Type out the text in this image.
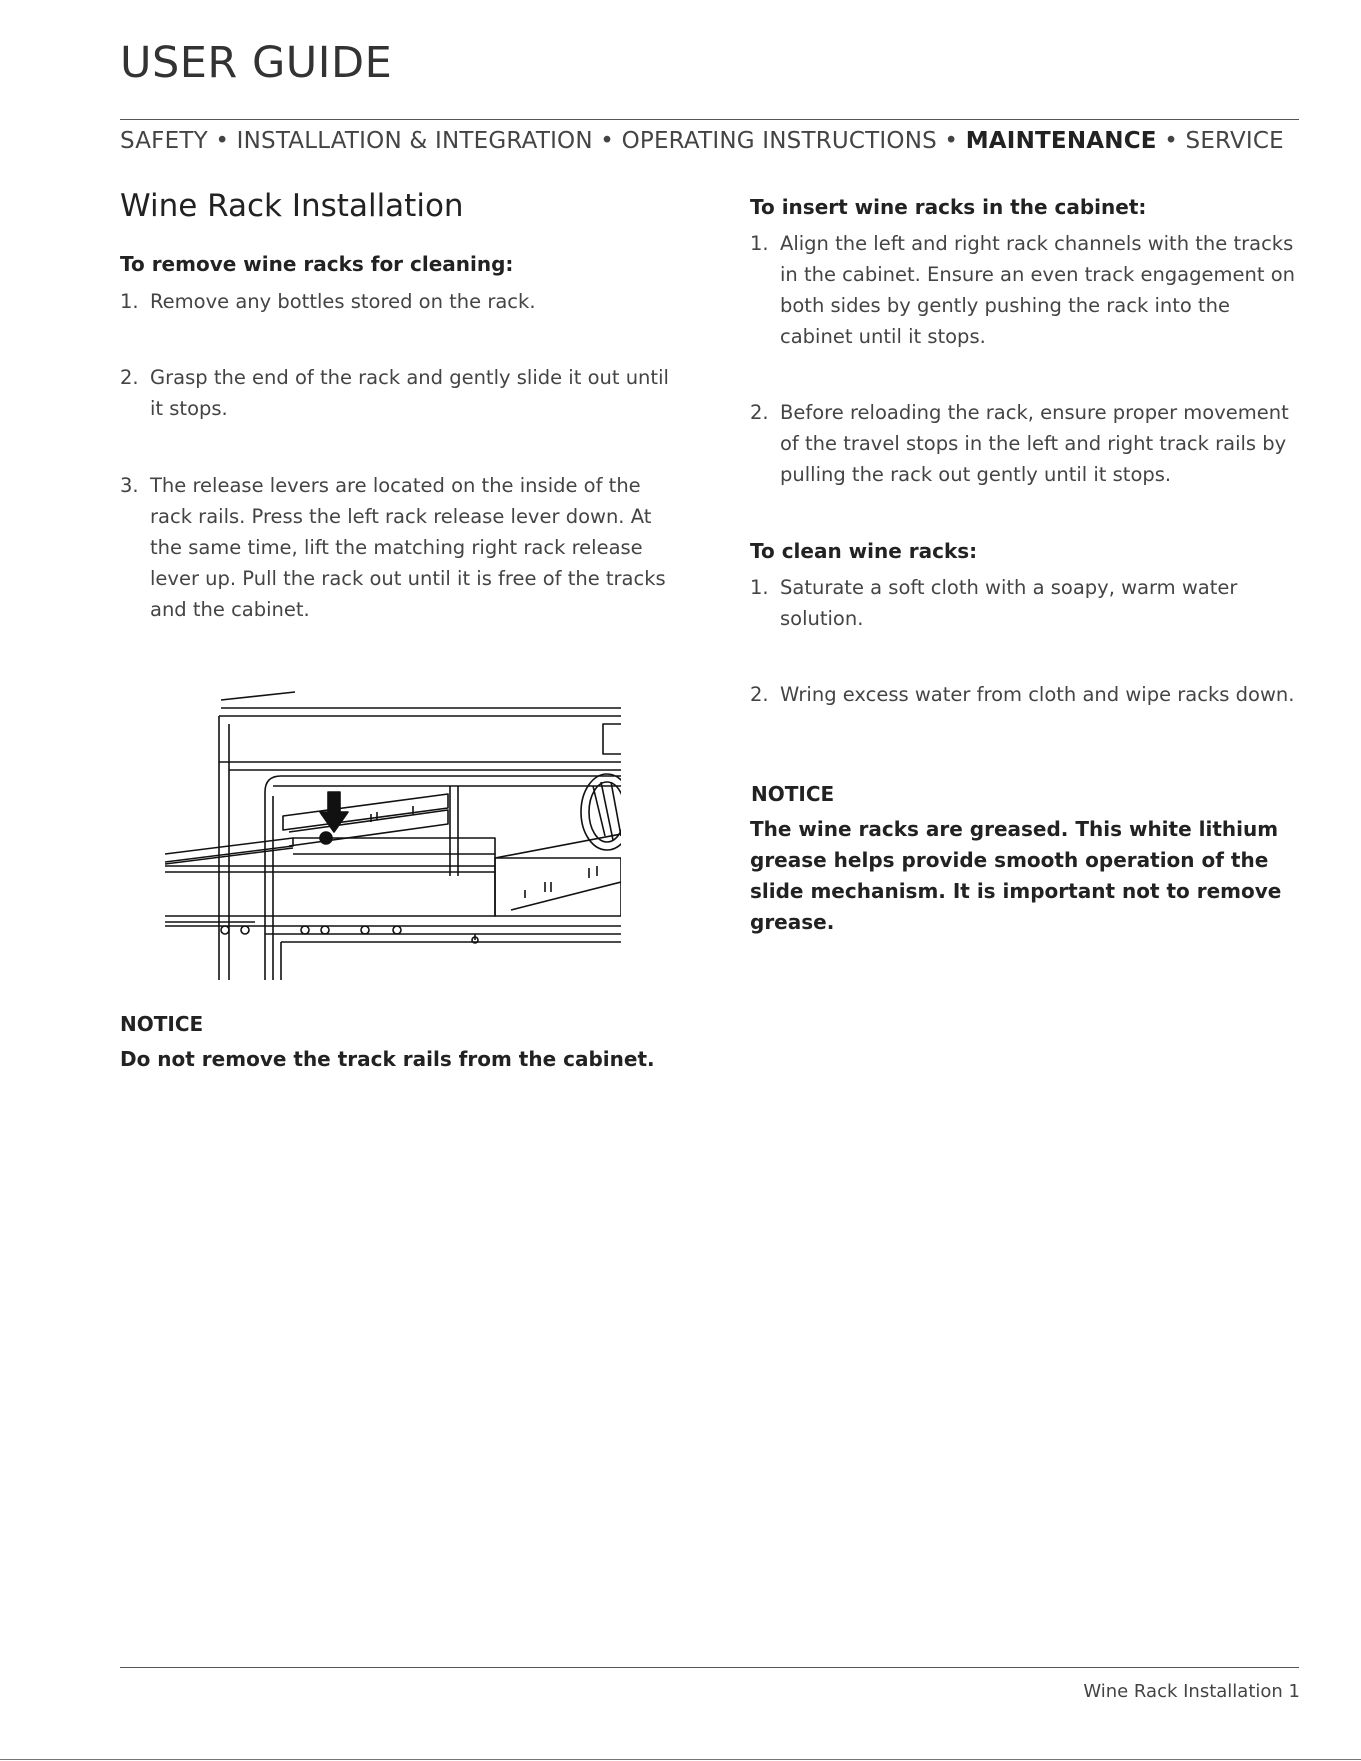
USER GUIDE
SAFETY • INSTALLATION & INTEGRATION • OPERATING INSTRUCTIONS • MAINTENANCE • SERVICE
Wine Rack Installation
To remove wine racks for cleaning:
1. Remove any bottles stored on the rack.
2. Grasp the end of the rack and gently slide it out until it stops.
3. The release levers are located on the inside of the rack rails. Press the left rack release lever down. At the same time, lift the matching right rack release lever up. Pull the rack out until it is free of the tracks and the cabinet.
NOTICE
Do not remove the track rails from the cabinet.
To insert wine racks in the cabinet:
1. Align the left and right rack channels with the tracks in the cabinet. Ensure an even track engagement on both sides by gently pushing the rack into the cabinet until it stops.
2. Before reloading the rack, ensure proper movement of the travel stops in the left and right track rails by pulling the rack out gently until it stops.
To clean wine racks:
1. Saturate a soft cloth with a soapy, warm water solution.
2. Wring excess water from cloth and wipe racks down.
NOTICE
The wine racks are greased. This white lithium grease helps provide smooth operation of the slide mechanism. It is important not to remove grease.
Wine Rack Installation 1
